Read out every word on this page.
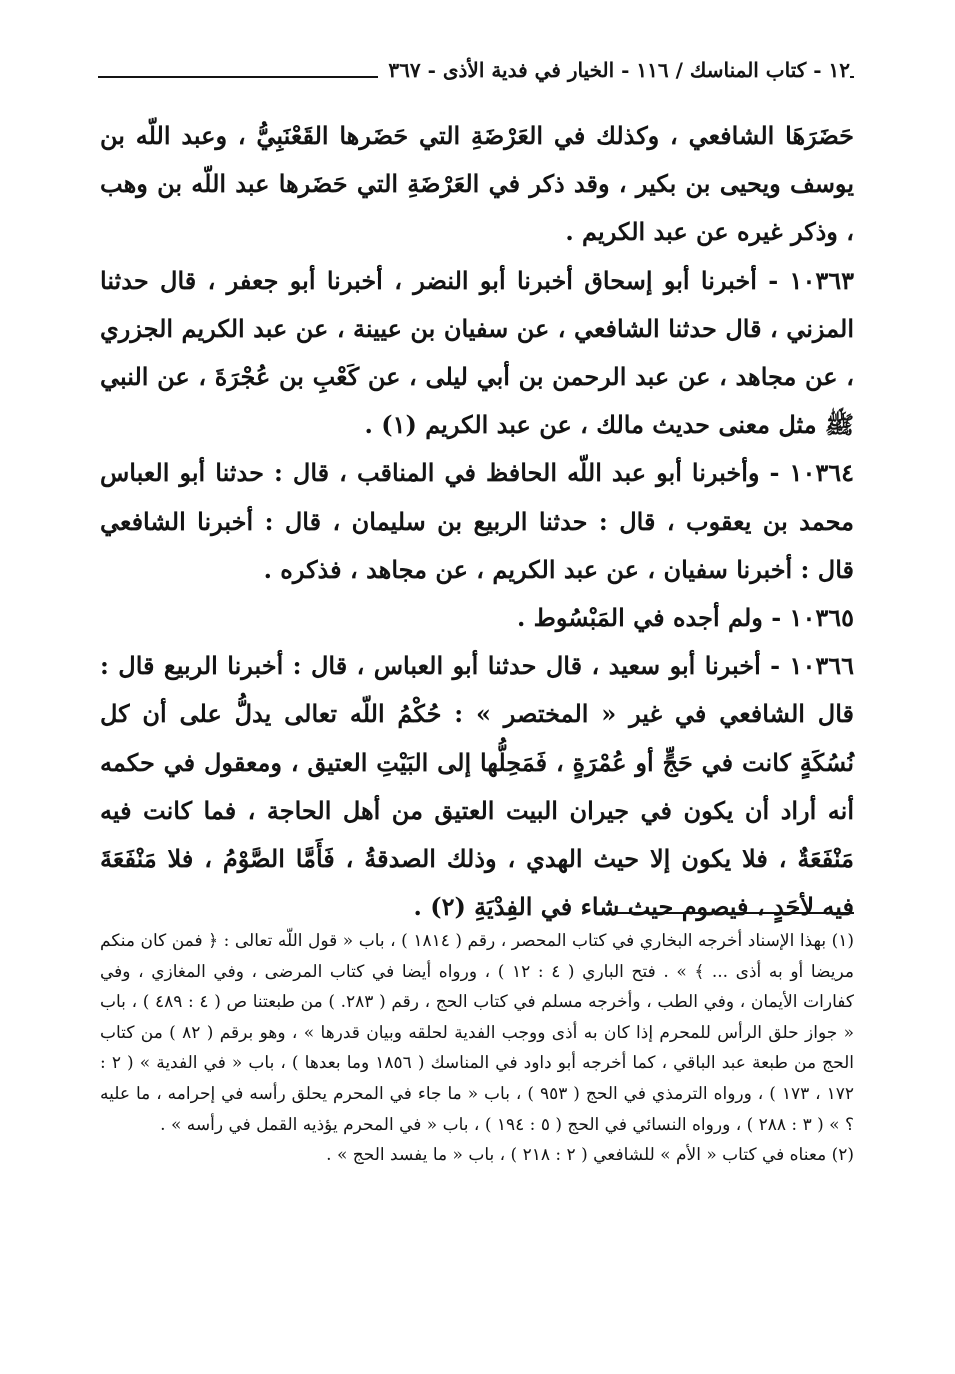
١٢ - كتاب المناسك / ١١٦ - الخيار في فدية الأذى - ٣٦٧

حَضَرَهَا الشافعي ، وكذلك في العَرْضَةِ التي حَضَرها القَعْنَبِيُّ ، وعبد اللّه بن يوسف ويحيى بن بكير ، وقد ذكر في العَرْضَةِ التي حَضَرها عبد اللّه بن وهب ، وذكر غيره عن عبد الكريم .

١٠٣٦٣ - أخبرنا أبو إسحاق أخبرنا أبو النضر ، أخبرنا أبو جعفر ، قال حدثنا المزني ، قال حدثنا الشافعي ، عن سفيان بن عيينة ، عن عبد الكريم الجزري ، عن مجاهد ، عن عبد الرحمن بن أبي ليلى ، عن كَعْبِ بن عُجْرَةَ ، عن النبي ﷺ مثل معنى حديث مالك ، عن عبد الكريم (١) .

١٠٣٦٤ - وأخبرنا أبو عبد اللّه الحافظ في المناقب ، قال : حدثنا أبو العباس محمد بن يعقوب ، قال : حدثنا الربيع بن سليمان ، قال : أخبرنا الشافعي قال : أخبرنا سفيان ، عن عبد الكريم ، عن مجاهد ، فذكره .

١٠٣٦٥ - ولم أجده في المَبْسُوط .

١٠٣٦٦ - أخبرنا أبو سعيد ، قال حدثنا أبو العباس ، قال : أخبرنا الربيع قال : قال الشافعي في غير « المختصر » : حُكْمُ اللّه تعالى يدلُّ على أن كل نُسُكَةٍ كانت في حَجٍّ أو عُمْرَةٍ ، فَمَحِلُّها إلى البَيْتِ العتيق ، ومعقول في حكمه أنه أراد أن يكون في جيران البيت العتيق من أهل الحاجة ، فما كانت فيه مَنْفَعَةٌ ، فلا يكون إلا حيث الهدي ، وذلك الصدقةُ ، فَأَمَّا الصَّوْمُ ، فلا مَنْفَعَةَ فيه لأحَدٍ ، فيصوم حيث شاء في الفِدْيَةِ (٢) .

(١) بهذا الإسناد أخرجه البخاري في كتاب المحصر ، رقم ( ١٨١٤ ) ، باب « قول اللّه تعالى : ﴿ فمن كان منكم مريضا أو به أذى ... ﴾ » . فتح الباري ( ٤ : ١٢ ) ، ورواه أيضا في كتاب المرضى ، وفي المغازي ، وفي كفارات الأيمان ، وفي الطب ، وأخرجه مسلم في كتاب الحج ، رقم ( ٢٨٣. ) من طبعتنا ص ( ٤ : ٤٨٩ ) ، باب « جواز حلق الرأس للمحرم إذا كان به أذى ووجب الفدية لحلقه وبيان قدرها » ، وهو برقم ( ٨٢ ) من كتاب الحج من طبعة عبد الباقي ، كما أخرجه أبو داود في المناسك ( ١٨٥٦ وما بعدها ) ، باب « في الفدية » ( ٢ : ١٧٢ ، ١٧٣ ) ، ورواه الترمذي في الحج ( ٩٥٣ ) ، باب « ما جاء في المحرم يحلق رأسه في إحرامه ، ما عليه ؟ » ( ٣ : ٢٨٨ ) ، ورواه النسائي في الحج ( ٥ : ١٩٤ ) ، باب « في المحرم يؤذيه القمل في رأسه » .

(٢) معناه في كتاب « الأم » للشافعي ( ٢ : ٢١٨ ) ، باب « ما يفسد الحج » .
